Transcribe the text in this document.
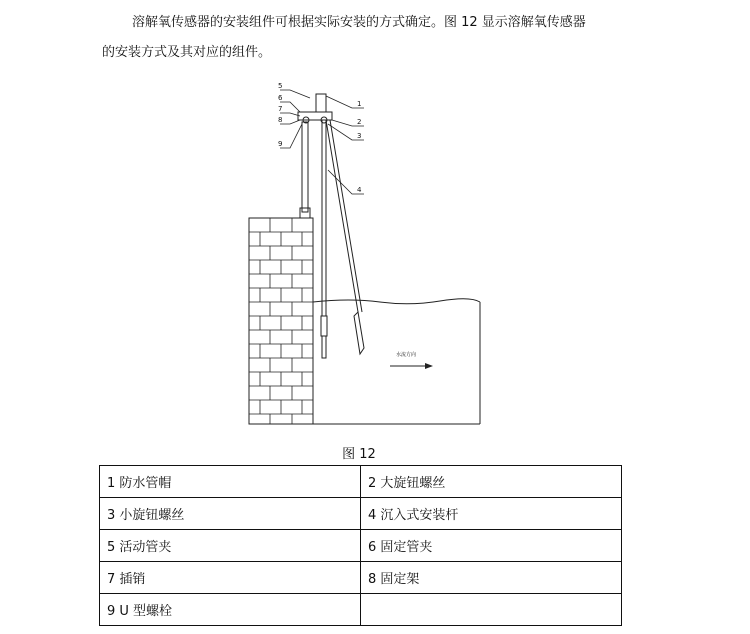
溶解氧传感器的安装组件可根据实际安装的方式确定。图 12 显示溶解氧传感器
的安装方式及其对应的组件。

水流方向
5
6
7
8
9
1
2
3
4
图 12
1 防水管帽	2 大旋钮螺丝
3 小旋钮螺丝	4 沉入式安装杆
5 活动管夹	6 固定管夹
7 插销	8 固定架
9 U 型螺栓	
